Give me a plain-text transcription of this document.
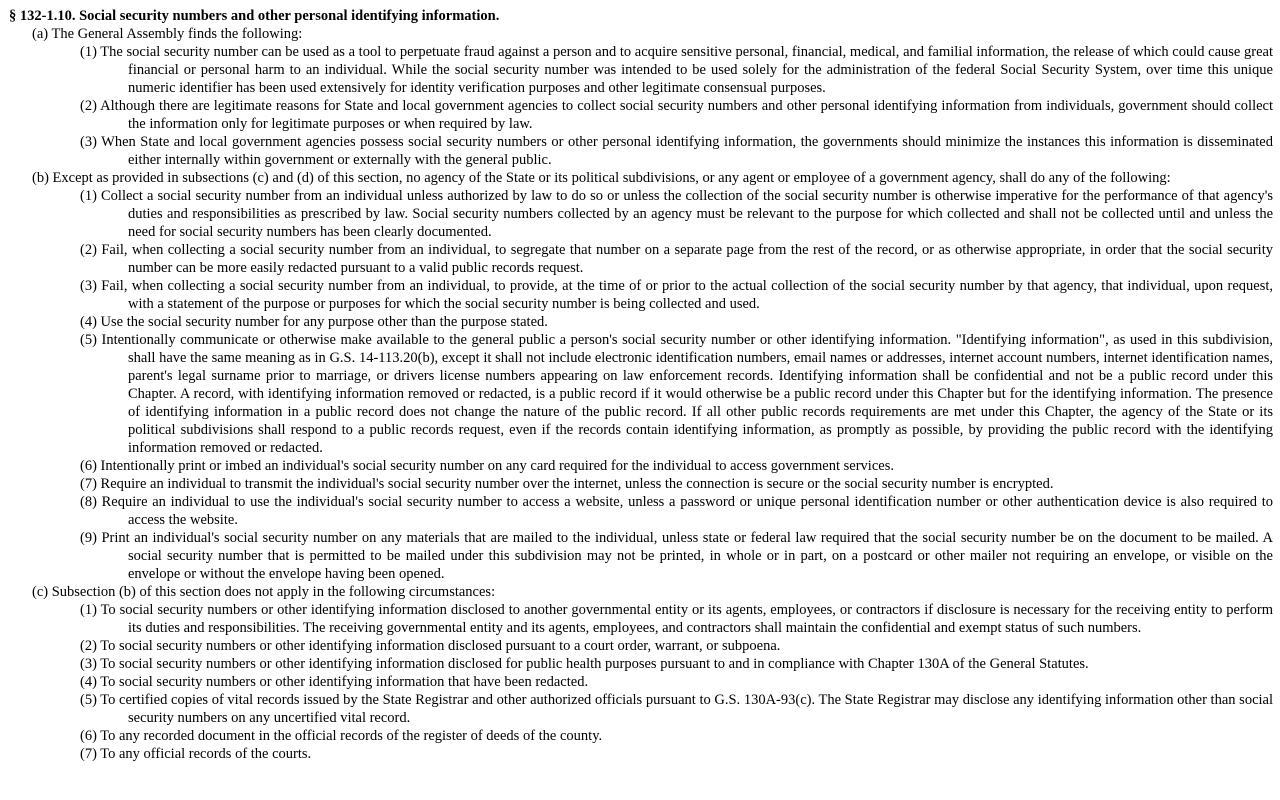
§ 132-1.10. Social security numbers and other personal identifying information.

(a) The General Assembly finds the following:

(1) The social security number can be used as a tool to perpetuate fraud against a person and to acquire sensitive personal, financial, medical, and familial information, the release of which could cause great financial or personal harm to an individual. While the social security number was intended to be used solely for the administration of the federal Social Security System, over time this unique numeric identifier has been used extensively for identity verification purposes and other legitimate consensual purposes.

(2) Although there are legitimate reasons for State and local government agencies to collect social security numbers and other personal identifying information from individuals, government should collect the information only for legitimate purposes or when required by law.

(3) When State and local government agencies possess social security numbers or other personal identifying information, the governments should minimize the instances this information is disseminated either internally within government or externally with the general public.

(b) Except as provided in subsections (c) and (d) of this section, no agency of the State or its political subdivisions, or any agent or employee of a government agency, shall do any of the following:

(1) Collect a social security number from an individual unless authorized by law to do so or unless the collection of the social security number is otherwise imperative for the performance of that agency's duties and responsibilities as prescribed by law. Social security numbers collected by an agency must be relevant to the purpose for which collected and shall not be collected until and unless the need for social security numbers has been clearly documented.

(2) Fail, when collecting a social security number from an individual, to segregate that number on a separate page from the rest of the record, or as otherwise appropriate, in order that the social security number can be more easily redacted pursuant to a valid public records request.

(3) Fail, when collecting a social security number from an individual, to provide, at the time of or prior to the actual collection of the social security number by that agency, that individual, upon request, with a statement of the purpose or purposes for which the social security number is being collected and used.

(4) Use the social security number for any purpose other than the purpose stated.

(5) Intentionally communicate or otherwise make available to the general public a person's social security number or other identifying information. "Identifying information", as used in this subdivision, shall have the same meaning as in G.S. 14-113.20(b), except it shall not include electronic identification numbers, email names or addresses, internet account numbers, internet identification names, parent's legal surname prior to marriage, or drivers license numbers appearing on law enforcement records. Identifying information shall be confidential and not be a public record under this Chapter. A record, with identifying information removed or redacted, is a public record if it would otherwise be a public record under this Chapter but for the identifying information. The presence of identifying information in a public record does not change the nature of the public record. If all other public records requirements are met under this Chapter, the agency of the State or its political subdivisions shall respond to a public records request, even if the records contain identifying information, as promptly as possible, by providing the public record with the identifying information removed or redacted.

(6) Intentionally print or imbed an individual's social security number on any card required for the individual to access government services.

(7) Require an individual to transmit the individual's social security number over the internet, unless the connection is secure or the social security number is encrypted.

(8) Require an individual to use the individual's social security number to access a website, unless a password or unique personal identification number or other authentication device is also required to access the website.

(9) Print an individual's social security number on any materials that are mailed to the individual, unless state or federal law required that the social security number be on the document to be mailed. A social security number that is permitted to be mailed under this subdivision may not be printed, in whole or in part, on a postcard or other mailer not requiring an envelope, or visible on the envelope or without the envelope having been opened.

(c) Subsection (b) of this section does not apply in the following circumstances:

(1) To social security numbers or other identifying information disclosed to another governmental entity or its agents, employees, or contractors if disclosure is necessary for the receiving entity to perform its duties and responsibilities. The receiving governmental entity and its agents, employees, and contractors shall maintain the confidential and exempt status of such numbers.

(2) To social security numbers or other identifying information disclosed pursuant to a court order, warrant, or subpoena.

(3) To social security numbers or other identifying information disclosed for public health purposes pursuant to and in compliance with Chapter 130A of the General Statutes.

(4) To social security numbers or other identifying information that have been redacted.

(5) To certified copies of vital records issued by the State Registrar and other authorized officials pursuant to G.S. 130A-93(c). The State Registrar may disclose any identifying information other than social security numbers on any uncertified vital record.

(6) To any recorded document in the official records of the register of deeds of the county.

(7) To any official records of the courts.
